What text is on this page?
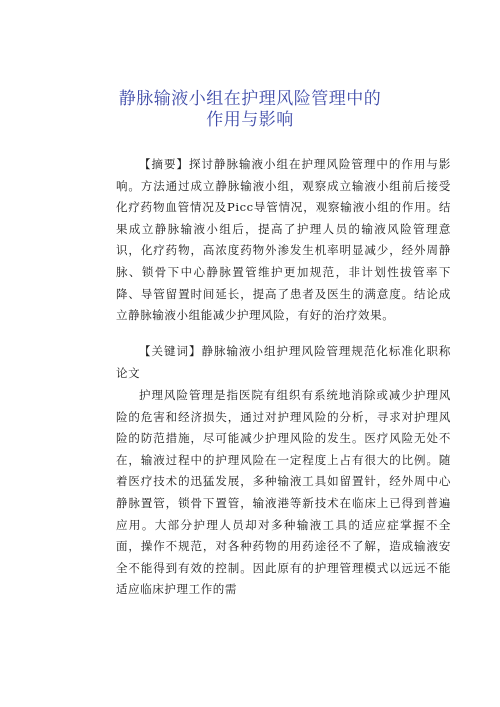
静脉输液小组在护理风险管理中的
作用与影响
【摘要】探讨静脉输液小组在护理风险管理中的作用与影响。方法通过成立静脉输液小组，观察成立输液小组前后接受化疗药物血管情况及Picc导管情况，观察输液小组的作用。结果成立静脉输液小组后，提高了护理人员的输液风险管理意识，化疗药物，高浓度药物外渗发生机率明显减少，经外周静脉、锁骨下中心静脉置管维护更加规范，非计划性拔管率下降、导管留置时间延长，提高了患者及医生的满意度。结论成立静脉输液小组能减少护理风险，有好的治疗效果。
【关键词】静脉输液小组护理风险管理规范化标准化职称论文
护理风险管理是指医院有组织有系统地消除或减少护理风险的危害和经济损失，通过对护理风险的分析，寻求对护理风险的防范措施，尽可能减少护理风险的发生。医疗风险无处不在，输液过程中的护理风险在一定程度上占有很大的比例。随着医疗技术的迅猛发展，多种输液工具如留置针，经外周中心静脉置管，锁骨下置管，输液港等新技术在临床上已得到普遍应用。大部分护理人员却对多种输液工具的适应症掌握不全面，操作不规范，对各种药物的用药途径不了解，造成输液安全不能得到有效的控制。因此原有的护理管理模式以远远不能适应临床护理工作的需
